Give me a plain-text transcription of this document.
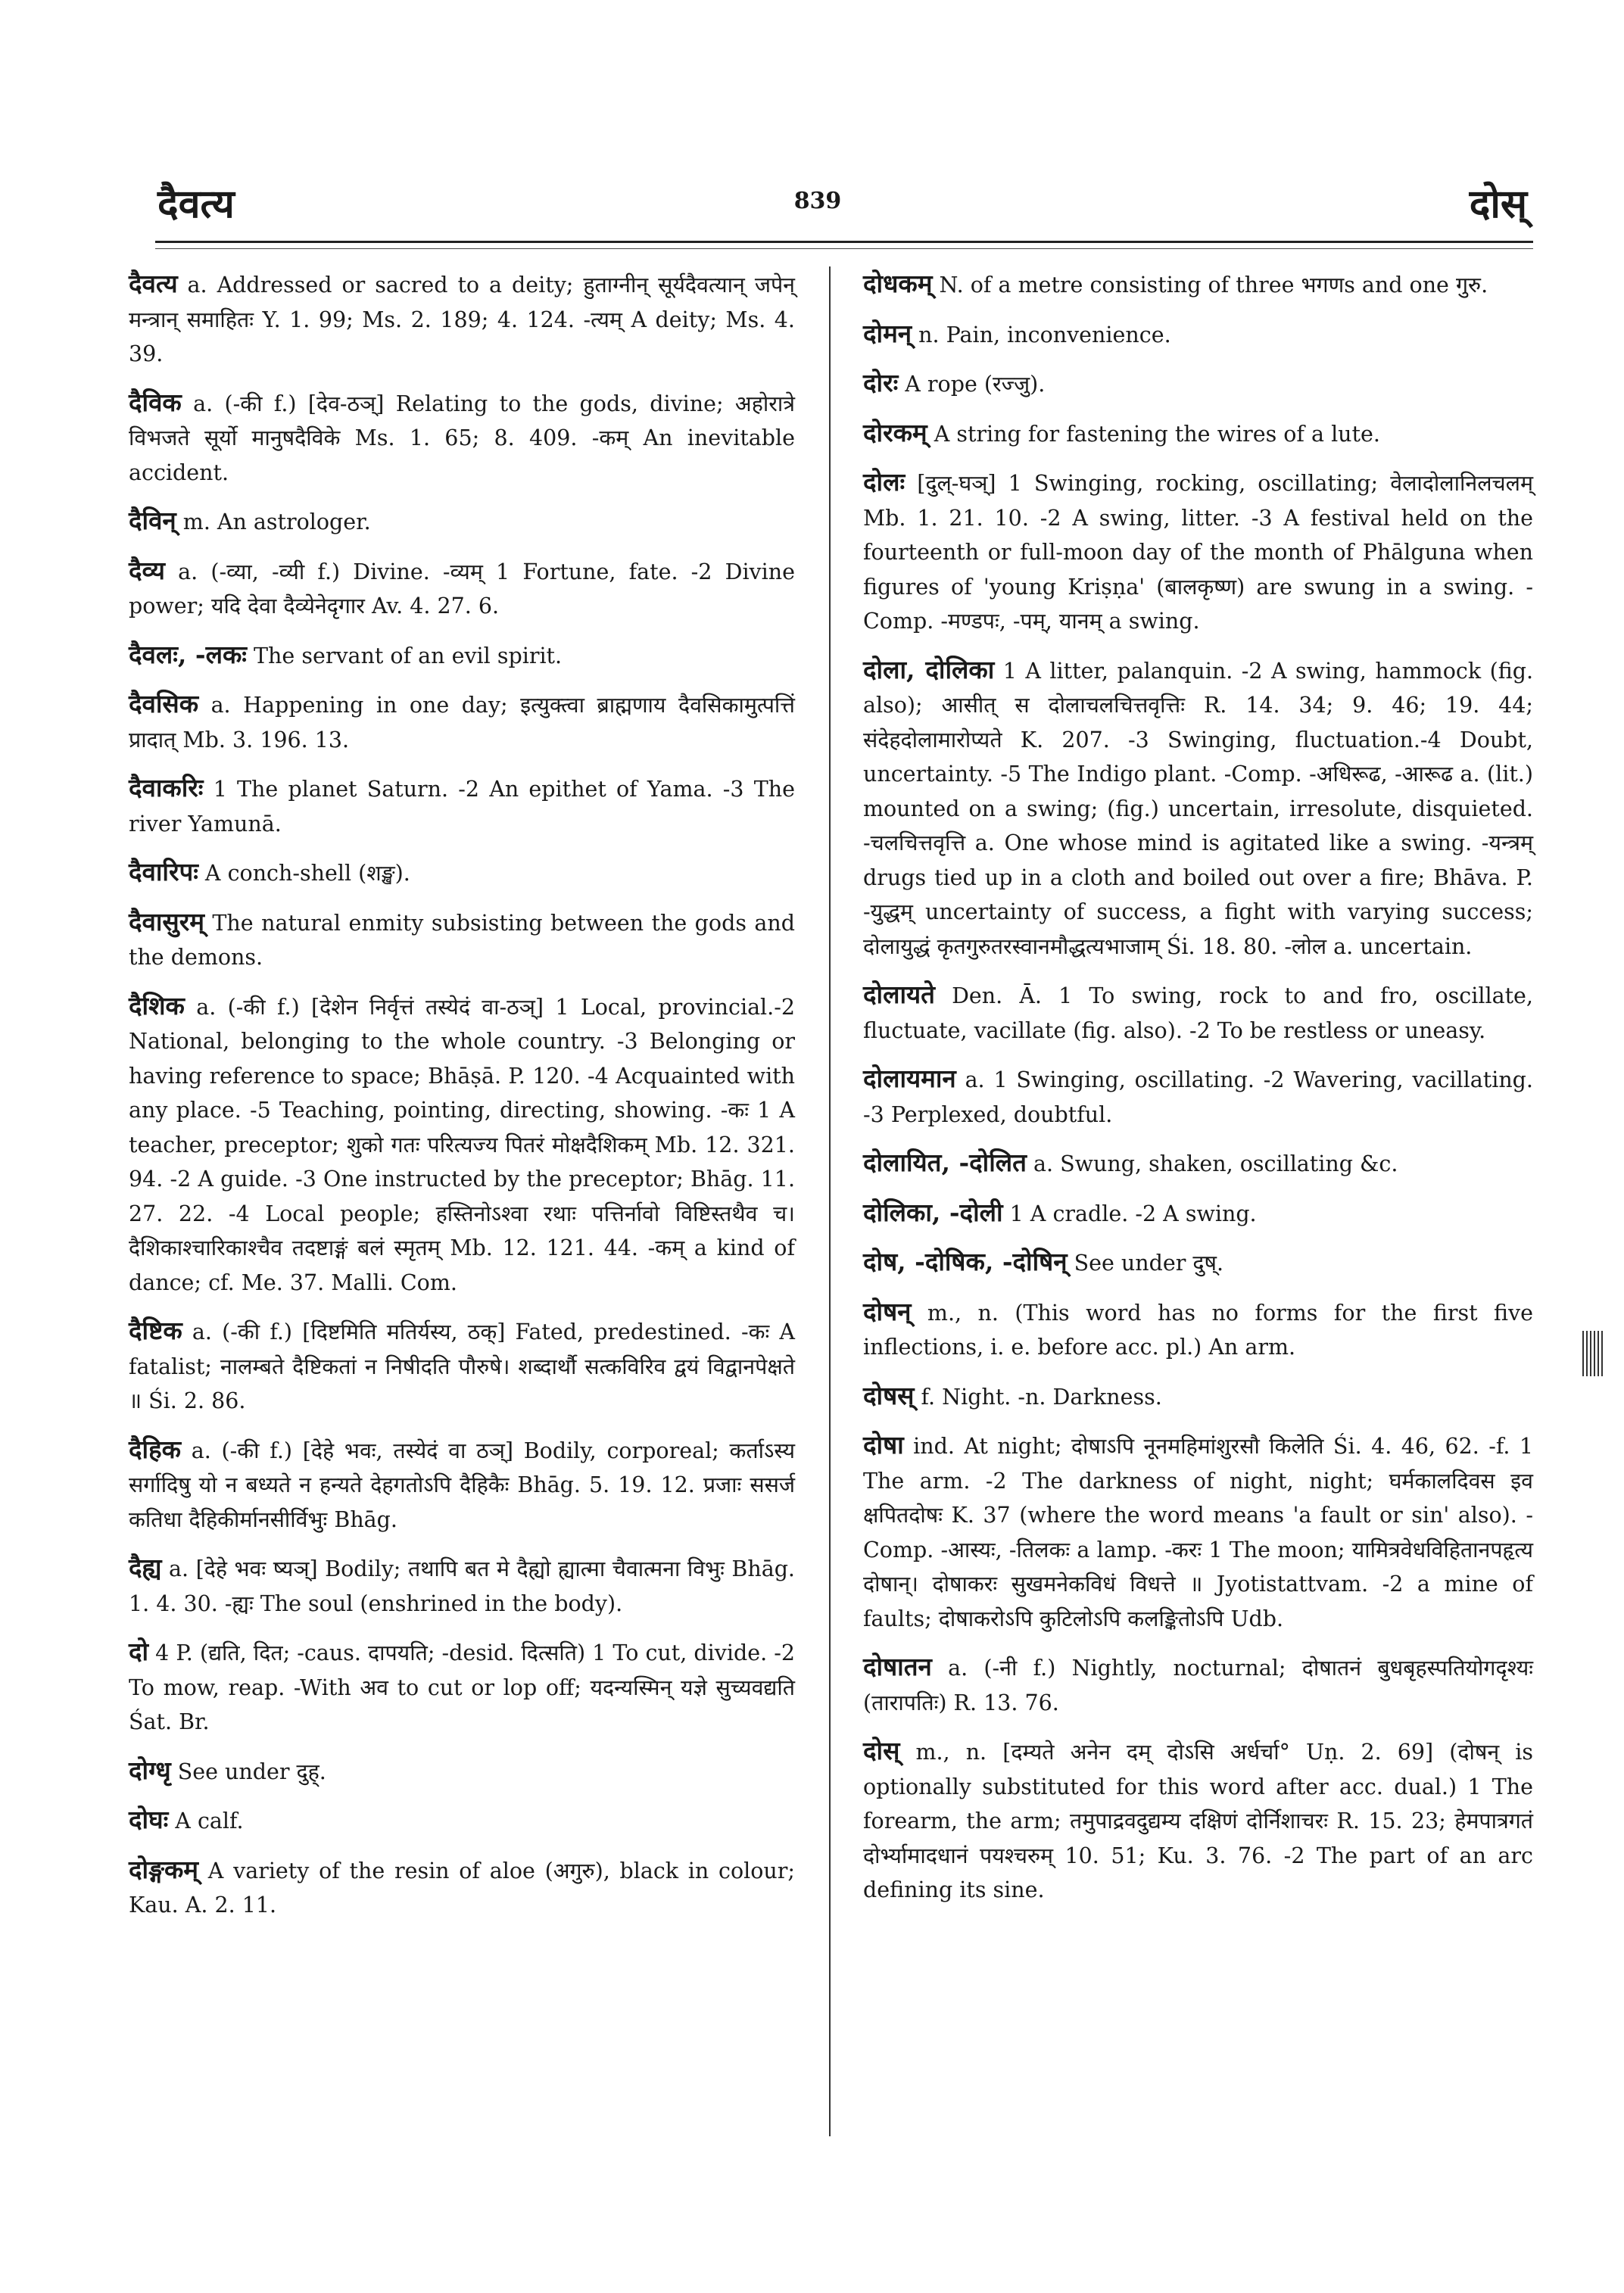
दैवत्य	839	दोस्

दैवत्य a. Addressed or sacred to a deity; हुताग्नीन् सूर्यदैवत्यान् जपेन् मन्त्रान् समाहितः Y. 1. 99; Ms. 2. 189; 4. 124. -त्यम् A deity; Ms. 4. 39.

दैविक a. (-की f.) [देव-ठञ्] Relating to the gods, divine; अहोरात्रे विभजते सूर्यो मानुषदैविके Ms. 1. 65; 8. 409. -कम् An inevitable accident.

दैविन् m. An astrologer.

दैव्य a. (-व्या, -व्यी f.) Divine. -व्यम् 1 Fortune, fate. -2 Divine power; यदि देवा दैव्येनेदृगार Av. 4. 27. 6.

दैवलः, -लकः The servant of an evil spirit.

दैवसिक a. Happening in one day; इत्युक्त्वा ब्राह्मणाय दैवसिकामुत्पत्तिं प्रादात् Mb. 3. 196. 13.

दैवाकरिः 1 The planet Saturn. -2 An epithet of Yama. -3 The river Yamunā.

दैवारिपः A conch-shell (शङ्ख).

दैवासुरम् The natural enmity subsisting between the gods and the demons.

दैशिक a. (-की f.) [देशेन निर्वृत्तं तस्येदं वा-ठञ्] 1 Local, provincial.-2 National, belonging to the whole country. -3 Belonging or having reference to space; Bhāṣā. P. 120. -4 Acquainted with any place. -5 Teaching, pointing, directing, showing. -कः 1 A teacher, preceptor; शुको गतः परित्यज्य पितरं मोक्षदैशिकम् Mb. 12. 321. 94. -2 A guide. -3 One instructed by the preceptor; Bhāg. 11. 27. 22. -4 Local people; हस्तिनोऽश्वा रथाः पत्तिर्नावो विष्टिस्तथैव च। दैशिकाश्चारिकाश्चैव तदष्टाङ्गं बलं स्मृतम् Mb. 12. 121. 44. -कम् a kind of dance; cf. Me. 37. Malli. Com.

दैष्टिक a. (-की f.) [दिष्टमिति मतिर्यस्य, ठक्] Fated, predestined. -कः A fatalist; नालम्बते दैष्टिकतां न निषीदति पौरुषे। शब्दार्थौ सत्कविरिव द्वयं विद्वानपेक्षते ॥ Śi. 2. 86.

दैहिक a. (-की f.) [देहे भवः, तस्येदं वा ठञ्] Bodily, corporeal; कर्ताऽस्य सर्गादिषु यो न बध्यते न हन्यते देहगतोऽपि दैहिकैः Bhāg. 5. 19. 12. प्रजाः ससर्ज कतिधा दैहिकीर्मानसीर्विभुः Bhāg.

दैह्य a. [देहे भवः ष्यञ्] Bodily; तथापि बत मे दैह्यो ह्यात्मा चैवात्मना विभुः Bhāg. 1. 4. 30. -ह्यः The soul (enshrined in the body).

दो 4 P. (द्यति, दित; -caus. दापयति; -desid. दित्सति) 1 To cut, divide. -2 To mow, reap. -With अव to cut or lop off; यदन्यस्मिन् यज्ञे सुच्यवद्यति Śat. Br.

दोग्धृ See under दुह्.

दोघः A calf.

दोङ्गकम् A variety of the resin of aloe (अगुरु), black in colour; Kau. A. 2. 11.

दोधकम् N. of a metre consisting of three भगणs and one गुरु.

दोमन् n. Pain, inconvenience.

दोरः A rope (रज्जु).

दोरकम् A string for fastening the wires of a lute.

दोलः [दुल्-घञ्] 1 Swinging, rocking, oscillating; वेलादोलानिलचलम् Mb. 1. 21. 10. -2 A swing, litter. -3 A festival held on the fourteenth or full-moon day of the month of Phālguna when figures of 'young Kriṣṇa' (बालकृष्ण) are swung in a swing. -Comp. -मण्डपः, -पम्, यानम् a swing.

दोला, दोलिका 1 A litter, palanquin. -2 A swing, hammock (fig. also); आसीत् स दोलाचलचित्तवृत्तिः R. 14. 34; 9. 46; 19. 44; संदेहदोलामारोप्यते K. 207. -3 Swinging, fluctuation.-4 Doubt, uncertainty. -5 The Indigo plant. -Comp. -अधिरूढ, -आरूढ a. (lit.) mounted on a swing; (fig.) uncertain, irresolute, disquieted. -चलचित्तवृत्ति a. One whose mind is agitated like a swing. -यन्त्रम् drugs tied up in a cloth and boiled out over a fire; Bhāva. P. -युद्धम् uncertainty of success, a fight with varying success; दोलायुद्धं कृतगुरुतरस्वानमौद्धत्यभाजाम् Śi. 18. 80. -लोल a. uncertain.

दोलायते Den. Ā. 1 To swing, rock to and fro, oscillate, fluctuate, vacillate (fig. also). -2 To be restless or uneasy.

दोलायमान a. 1 Swinging, oscillating. -2 Wavering, vacillating. -3 Perplexed, doubtful.

दोलायित, -दोलित a. Swung, shaken, oscillating &c.

दोलिका, -दोली 1 A cradle. -2 A swing.

दोष, -दोषिक, -दोषिन् See under दुष्.

दोषन् m., n. (This word has no forms for the first five inflections, i. e. before acc. pl.) An arm.

दोषस् f. Night. -n. Darkness.

दोषा ind. At night; दोषाऽपि नूनमहिमांशुरसौ किलेति Śi. 4. 46, 62. -f. 1 The arm. -2 The darkness of night, night; घर्मकालदिवस इव क्षपितदोषः K. 37 (where the word means 'a fault or sin' also). -Comp. -आस्यः, -तिलकः a lamp. -करः 1 The moon; यामित्रवेधविहितानपहृत्य दोषान्। दोषाकरः सुखमनेकविधं विधत्ते ॥ Jyotistattvam. -2 a mine of faults; दोषाकरोऽपि कुटिलोऽपि कलङ्कितोऽपि Udb.

दोषातन a. (-नी f.) Nightly, nocturnal; दोषातनं बुधबृहस्पतियोगदृश्यः (तारापतिः) R. 13. 76.

दोस् m., n. [दम्यते अनेन दम् दोऽसि अर्धर्चा° Uṇ. 2. 69] (दोषन् is optionally substituted for this word after acc. dual.) 1 The forearm, the arm; तमुपाद्रवदुद्यम्य दक्षिणं दोर्निशाचरः R. 15. 23; हेमपात्रगतं दोर्भ्यामादधानं पयश्चरुम् 10. 51; Ku. 3. 76. -2 The part of an arc defining its sine.
